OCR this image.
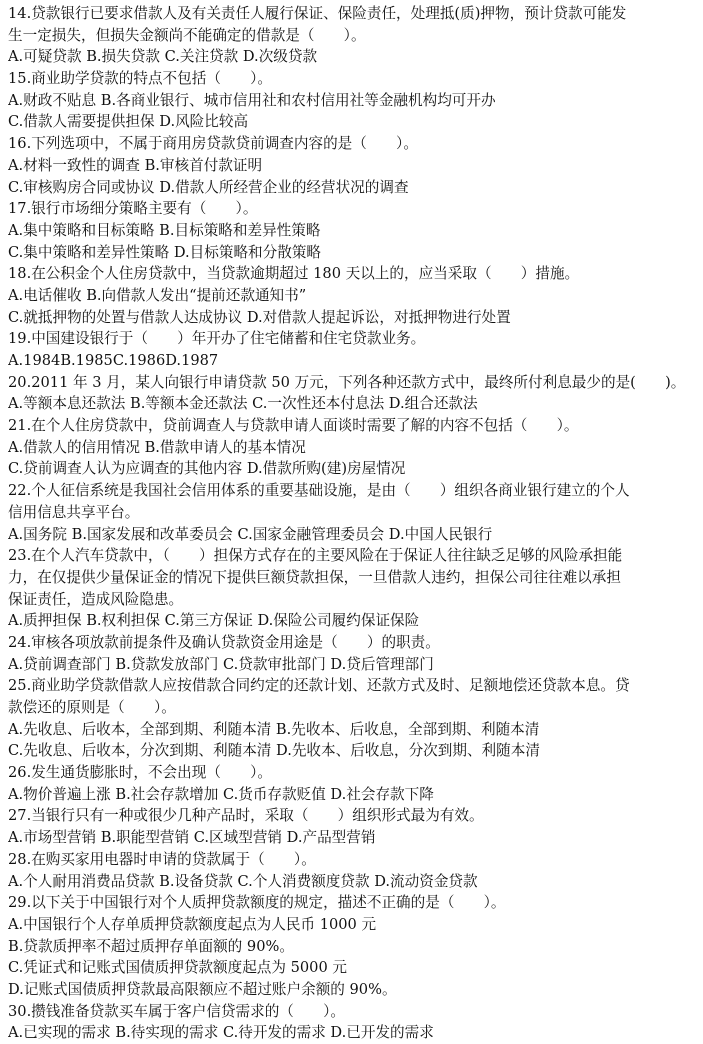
14.贷款银行已要求借款人及有关责任人履行保证、保险责任，处理抵(质)押物，预计贷款可能发
生一定损失，但损失金额尚不能确定的借款是（　　）。
A.可疑贷款 B.损失贷款 C.关注贷款 D.次级贷款
15.商业助学贷款的特点不包括（　　）。
A.财政不贴息 B.各商业银行、城市信用社和农村信用社等金融机构均可开办
C.借款人需要提供担保 D.风险比较高
16.下列选项中，不属于商用房贷款贷前调查内容的是（　　）。
A.材料一致性的调查 B.审核首付款证明
C.审核购房合同或协议 D.借款人所经营企业的经营状况的调查
17.银行市场细分策略主要有（　　）。
A.集中策略和目标策略 B.目标策略和差异性策略
C.集中策略和差异性策略 D.目标策略和分散策略
18.在公积金个人住房贷款中，当贷款逾期超过 180 天以上的，应当采取（　　）措施。
A.电话催收 B.向借款人发出“提前还款通知书”
C.就抵押物的处置与借款人达成协议 D.对借款人提起诉讼，对抵押物进行处置
19.中国建设银行于（　　）年开办了住宅储蓄和住宅贷款业务。
A.1984B.1985C.1986D.1987
20.2011 年 3 月，某人向银行申请贷款 50 万元，下列各种还款方式中，最终所付利息最少的是(　　)。
A.等额本息还款法 B.等额本金还款法 C.一次性还本付息法 D.组合还款法
21.在个人住房贷款中，贷前调查人与贷款申请人面谈时需要了解的内容不包括（　　）。
A.借款人的信用情况 B.借款申请人的基本情况
C.贷前调查人认为应调查的其他内容 D.借款所购(建)房屋情况
22.个人征信系统是我国社会信用体系的重要基础设施，是由（　　）组织各商业银行建立的个人
信用信息共享平台。
A.国务院 B.国家发展和改革委员会 C.国家金融管理委员会 D.中国人民银行
23.在个人汽车贷款中，（　　）担保方式存在的主要风险在于保证人往往缺乏足够的风险承担能
力，在仅提供少量保证金的情况下提供巨额贷款担保，一旦借款人违约，担保公司往往难以承担
保证责任，造成风险隐患。
A.质押担保 B.权利担保 C.第三方保证 D.保险公司履约保证保险
24.审核各项放款前提条件及确认贷款资金用途是（　　）的职责。
A.贷前调查部门 B.贷款发放部门 C.贷款审批部门 D.贷后管理部门
25.商业助学贷款借款人应按借款合同约定的还款计划、还款方式及时、足额地偿还贷款本息。贷
款偿还的原则是（　　）。
A.先收息、后收本，全部到期、利随本清 B.先收本、后收息，全部到期、利随本清
C.先收息、后收本，分次到期、利随本清 D.先收本、后收息，分次到期、利随本清
26.发生通货膨胀时，不会出现（　　）。
A.物价普遍上涨 B.社会存款增加 C.货币存款贬值 D.社会存款下降
27.当银行只有一种或很少几种产品时，采取（　　）组织形式最为有效。
A.市场型营销 B.职能型营销 C.区域型营销 D.产品型营销
28.在购买家用电器时申请的贷款属于（　　）。
A.个人耐用消费品贷款 B.设备贷款 C.个人消费额度贷款 D.流动资金贷款
29.以下关于中国银行对个人质押贷款额度的规定，描述不正确的是（　　）。
A.中国银行个人存单质押贷款额度起点为人民币 1000 元
B.贷款质押率不超过质押存单面额的 90%。
C.凭证式和记账式国债质押贷款额度起点为 5000 元
D.记账式国债质押贷款最高限额应不超过账户余额的 90%。
30.攒钱准备贷款买车属于客户信贷需求的（　　）。
A.已实现的需求 B.待实现的需求 C.待开发的需求 D.已开发的需求
